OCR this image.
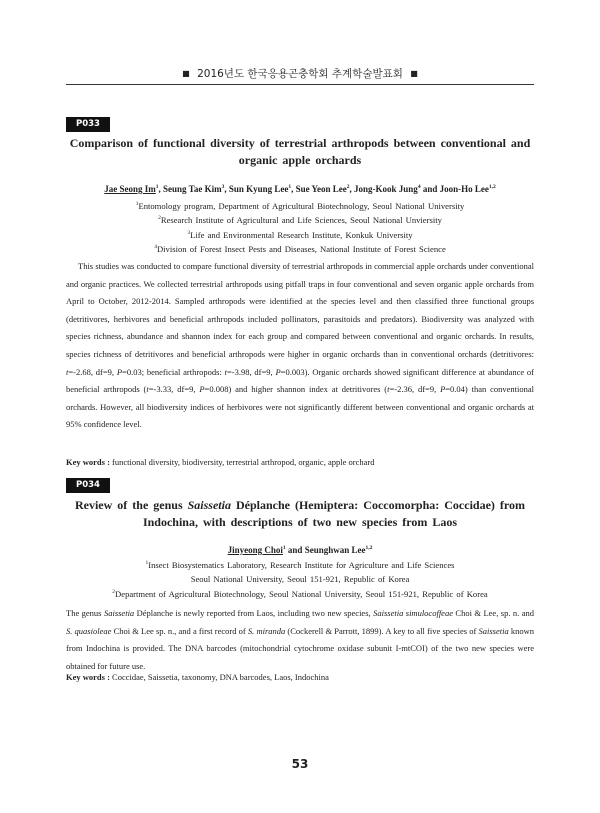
■ 2016년도 한국응용곤충학회 추계학술발표회 ■
P033
Comparison of functional diversity of terrestrial arthropods between conventional and
organic apple orchards
Jae Seong Im$^1$, Seung Tae Kim$^3$, Sun Kyung Lee$^1$, Sue Yeon Lee$^2$, Jong-Kook Jung$^4$ and Joon-Ho Lee$^{1,2}$
$^1$Entomology program, Department of Agricultural Biotechnology, Seoul National University
$^2$Research Institute of Agricultural and Life Sciences, Seoul National Unviersity
$^3$Life and Environmental Research Institute, Konkuk University
$^4$Division of Forest Insect Pests and Diseases, National Institute of Forest Science

This studies was conducted to compare functional diversity of terrestrial arthropods in commercial apple orchards under conventional and organic practices. We collected terrestrial arthropods using pitfall traps in four conventional and seven organic apple orchards from April to October, 2012-2014. Sampled arthropods were identified at the species level and then classified three functional groups (detritivores, herbivores and beneficial arthropods included pollinators, parasitoids and predators). Biodiversity was analyzed with species richness, abundance and shannon index for each group and compared between conventional and organic orchards. In results, species richness of detritivores and beneficial arthropods were higher in organic orchards than in conventional orchards (detritivores: t=-2.68, df=9, P=0.03; beneficial arthropods: t=-3.98, df=9, P=0.003). Organic orchards showed significant difference at abundance of beneficial arthropods (t=-3.33, df=9, P=0.008) and higher shannon index at detritivores (t=-2.36, df=9, P=0.04) than conventional orchards. However, all biodiversity indices of herbivores were not significantly different between conventional and organic orchards at 95% confidence level.

Key words : functional diversity, biodiversity, terrestrial arthropod, organic, apple orchard
P034
Review of the genus Saissetia Déplanche (Hemiptera: Coccomorpha: Coccidae) from
Indochina, with descriptions of two new species from Laos
Jinyeong Choi$^1$ and Seunghwan Lee$^{1,2}$
$^1$Insect Biosystematics Laboratory, Research Institute for Agriculture and Life Sciences
Seoul National University, Seoul 151-921, Republic of Korea
$^2$Department of Agricultural Biotechnology, Seoul National University, Seoul 151-921, Republic of Korea

The genus Saissetia Déplanche is newly reported from Laos, including two new species, Saissetia simulocoffeae Choi & Lee, sp. n. and S. quasioleae Choi & Lee sp. n., and a first record of S. miranda (Cockerell & Parrott, 1899). A key to all five species of Saissetia known from Indochina is provided. The DNA barcodes (mitochondrial cytochrome oxidase subunit I-mtCOI) of the two new species were obtained for future use.

Key words : Coccidae, Saissetia, taxonomy, DNA barcodes, Laos, Indochina
53
